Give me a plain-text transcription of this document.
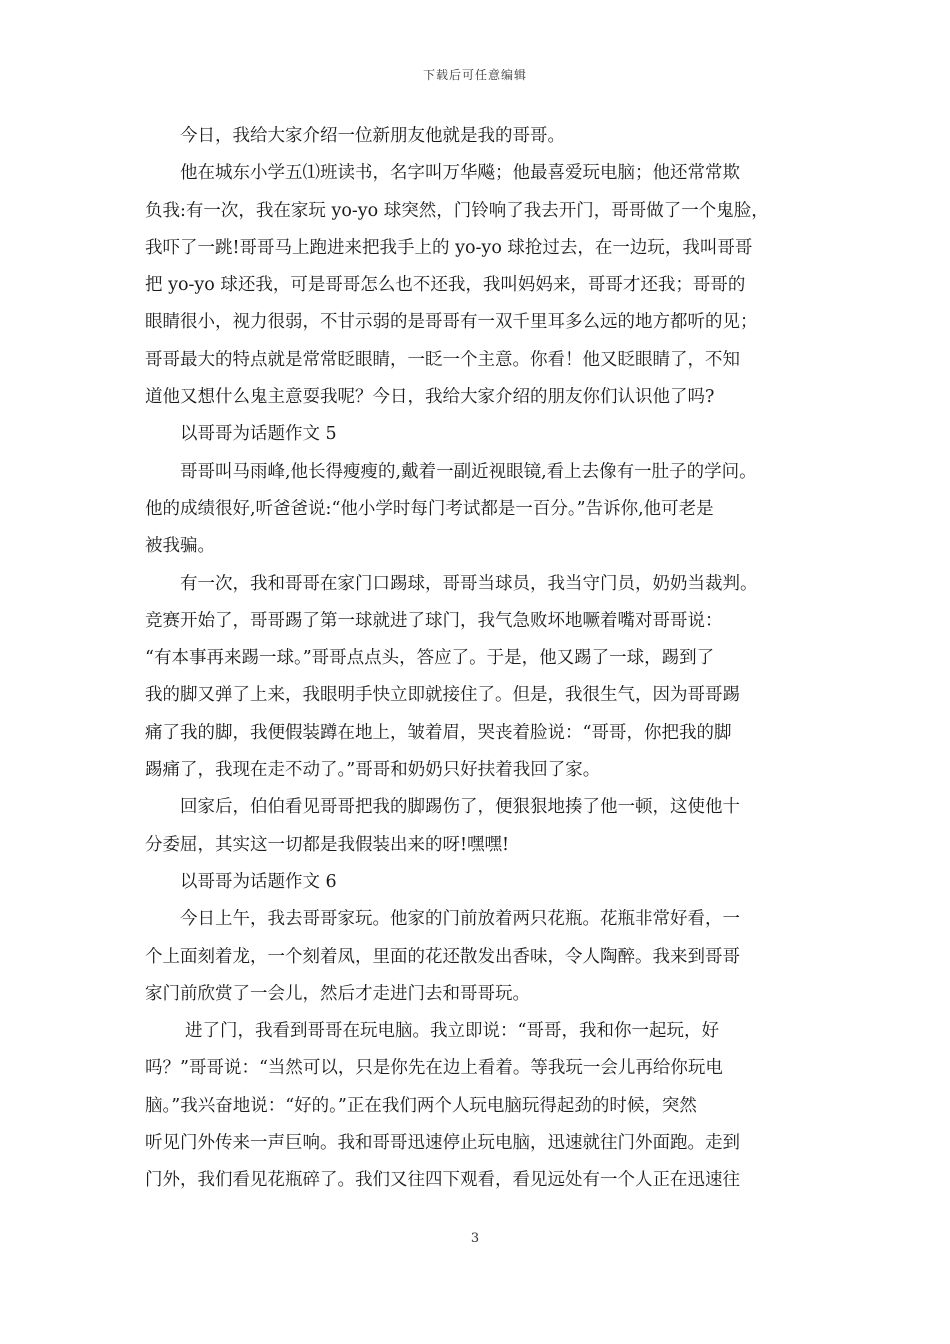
下载后可任意编辑
今日，我给大家介绍一位新朋友他就是我的哥哥。
他在城东小学五⑴班读书，名字叫万华飚；他最喜爱玩电脑；他还常常欺
负我:有一次，我在家玩 yo-yo 球突然，门铃响了我去开门，哥哥做了一个鬼脸，
我吓了一跳!哥哥马上跑进来把我手上的 yo-yo 球抢过去，在一边玩，我叫哥哥
把 yo-yo 球还我，可是哥哥怎么也不还我，我叫妈妈来，哥哥才还我；哥哥的
眼睛很小，视力很弱，不甘示弱的是哥哥有一双千里耳多么远的地方都听的见；
哥哥最大的特点就是常常眨眼睛，一眨一个主意。你看！他又眨眼睛了，不知
道他又想什么鬼主意耍我呢？今日，我给大家介绍的朋友你们认识他了吗?
以哥哥为话题作文 5
哥哥叫马雨峰,他长得瘦瘦的,戴着一副近视眼镜,看上去像有一肚子的学问。
他的成绩很好,听爸爸说:“他小学时每门考试都是一百分。”告诉你,他可老是
被我骗。
有一次，我和哥哥在家门口踢球，哥哥当球员，我当守门员，奶奶当裁判。
竞赛开始了，哥哥踢了第一球就进了球门，我气急败坏地噘着嘴对哥哥说：
“有本事再来踢一球。”哥哥点点头，答应了。于是，他又踢了一球，踢到了
我的脚又弹了上来，我眼明手快立即就接住了。但是，我很生气，因为哥哥踢
痛了我的脚，我便假装蹲在地上，皱着眉，哭丧着脸说：“哥哥，你把我的脚
踢痛了，我现在走不动了。”哥哥和奶奶只好扶着我回了家。
回家后，伯伯看见哥哥把我的脚踢伤了，便狠狠地揍了他一顿，这使他十
分委屈，其实这一切都是我假装出来的呀!嘿嘿!
以哥哥为话题作文 6
今日上午，我去哥哥家玩。他家的门前放着两只花瓶。花瓶非常好看，一
个上面刻着龙，一个刻着凤，里面的花还散发出香味，令人陶醉。我来到哥哥
家门前欣赏了一会儿，然后才走进门去和哥哥玩。
进了门，我看到哥哥在玩电脑。我立即说：“哥哥，我和你一起玩，好
吗？”哥哥说：“当然可以，只是你先在边上看着。等我玩一会儿再给你玩电
脑。”我兴奋地说：“好的。”正在我们两个人玩电脑玩得起劲的时候，突然
听见门外传来一声巨响。我和哥哥迅速停止玩电脑，迅速就往门外面跑。走到
门外，我们看见花瓶碎了。我们又往四下观看，看见远处有一个人正在迅速往
3
